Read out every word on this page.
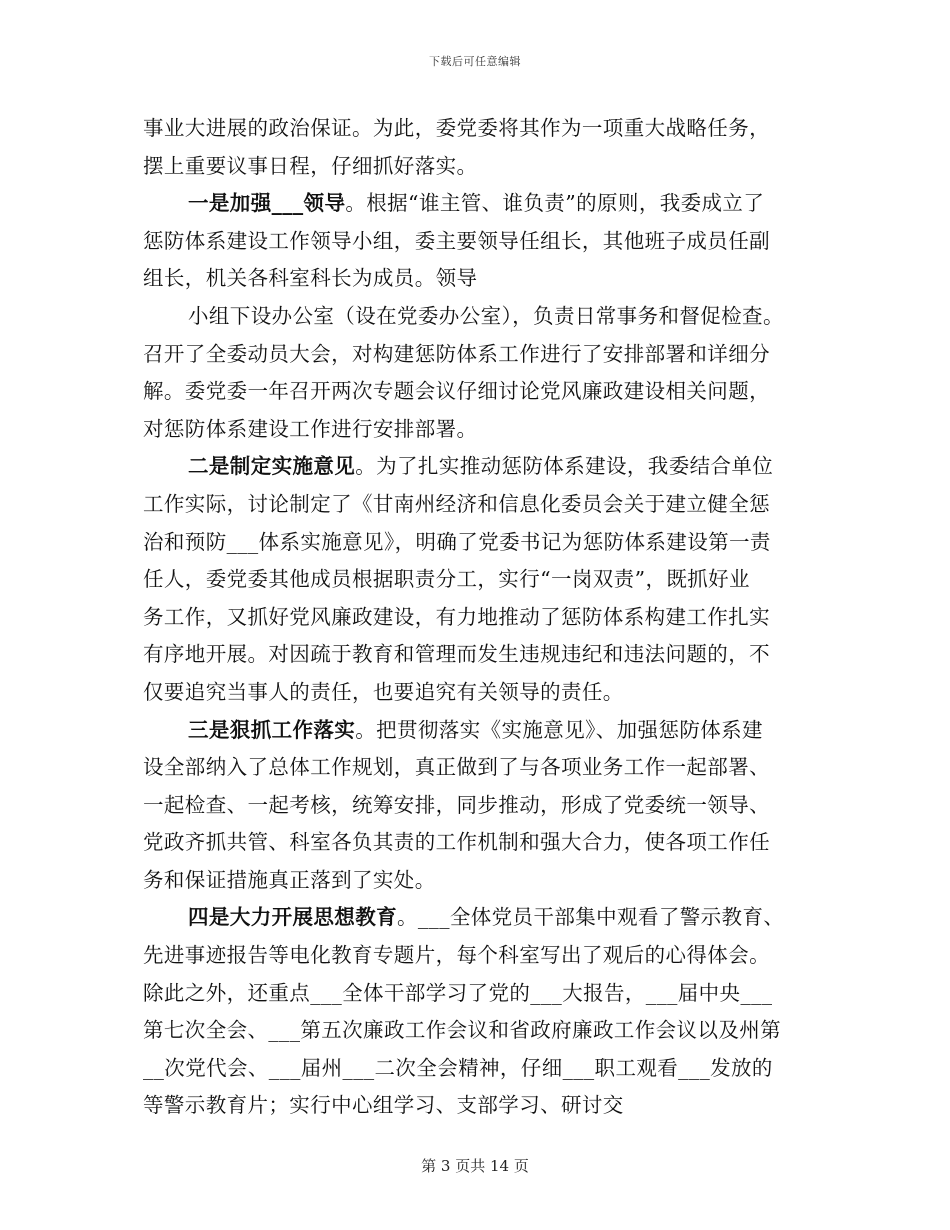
下载后可任意编辑
事业大进展的政治保证。为此，委党委将其作为一项重大战略任务，
摆上重要议事日程，仔细抓好落实。
一是加强___领导。根据“谁主管、谁负责”的原则，我委成立了
惩防体系建设工作领导小组，委主要领导任组长，其他班子成员任副
组长，机关各科室科长为成员。领导
小组下设办公室（设在党委办公室），负责日常事务和督促检查。
召开了全委动员大会，对构建惩防体系工作进行了安排部署和详细分
解。委党委一年召开两次专题会议仔细讨论党风廉政建设相关问题，
对惩防体系建设工作进行安排部署。
二是制定实施意见。为了扎实推动惩防体系建设，我委结合单位
工作实际，讨论制定了《甘南州经济和信息化委员会关于建立健全惩
治和预防___体系实施意见》，明确了党委书记为惩防体系建设第一责
任人，委党委其他成员根据职责分工，实行“一岗双责”，既抓好业
务工作，又抓好党风廉政建设，有力地推动了惩防体系构建工作扎实
有序地开展。对因疏于教育和管理而发生违规违纪和违法问题的，不
仅要追究当事人的责任，也要追究有关领导的责任。
三是狠抓工作落实。把贯彻落实《实施意见》、加强惩防体系建
设全部纳入了总体工作规划，真正做到了与各项业务工作一起部署、
一起检查、一起考核，统筹安排，同步推动，形成了党委统一领导、
党政齐抓共管、科室各负其责的工作机制和强大合力，使各项工作任
务和保证措施真正落到了实处。
四是大力开展思想教育。___全体党员干部集中观看了警示教育、
先进事迹报告等电化教育专题片，每个科室写出了观后的心得体会。
除此之外，还重点___全体干部学习了党的___大报告，___届中央___
第七次全会、___第五次廉政工作会议和省政府廉政工作会议以及州第
__次党代会、___届州___二次全会精神，仔细___职工观看___发放的
等警示教育片；实行中心组学习、支部学习、研讨交
第 3 页共 14 页
